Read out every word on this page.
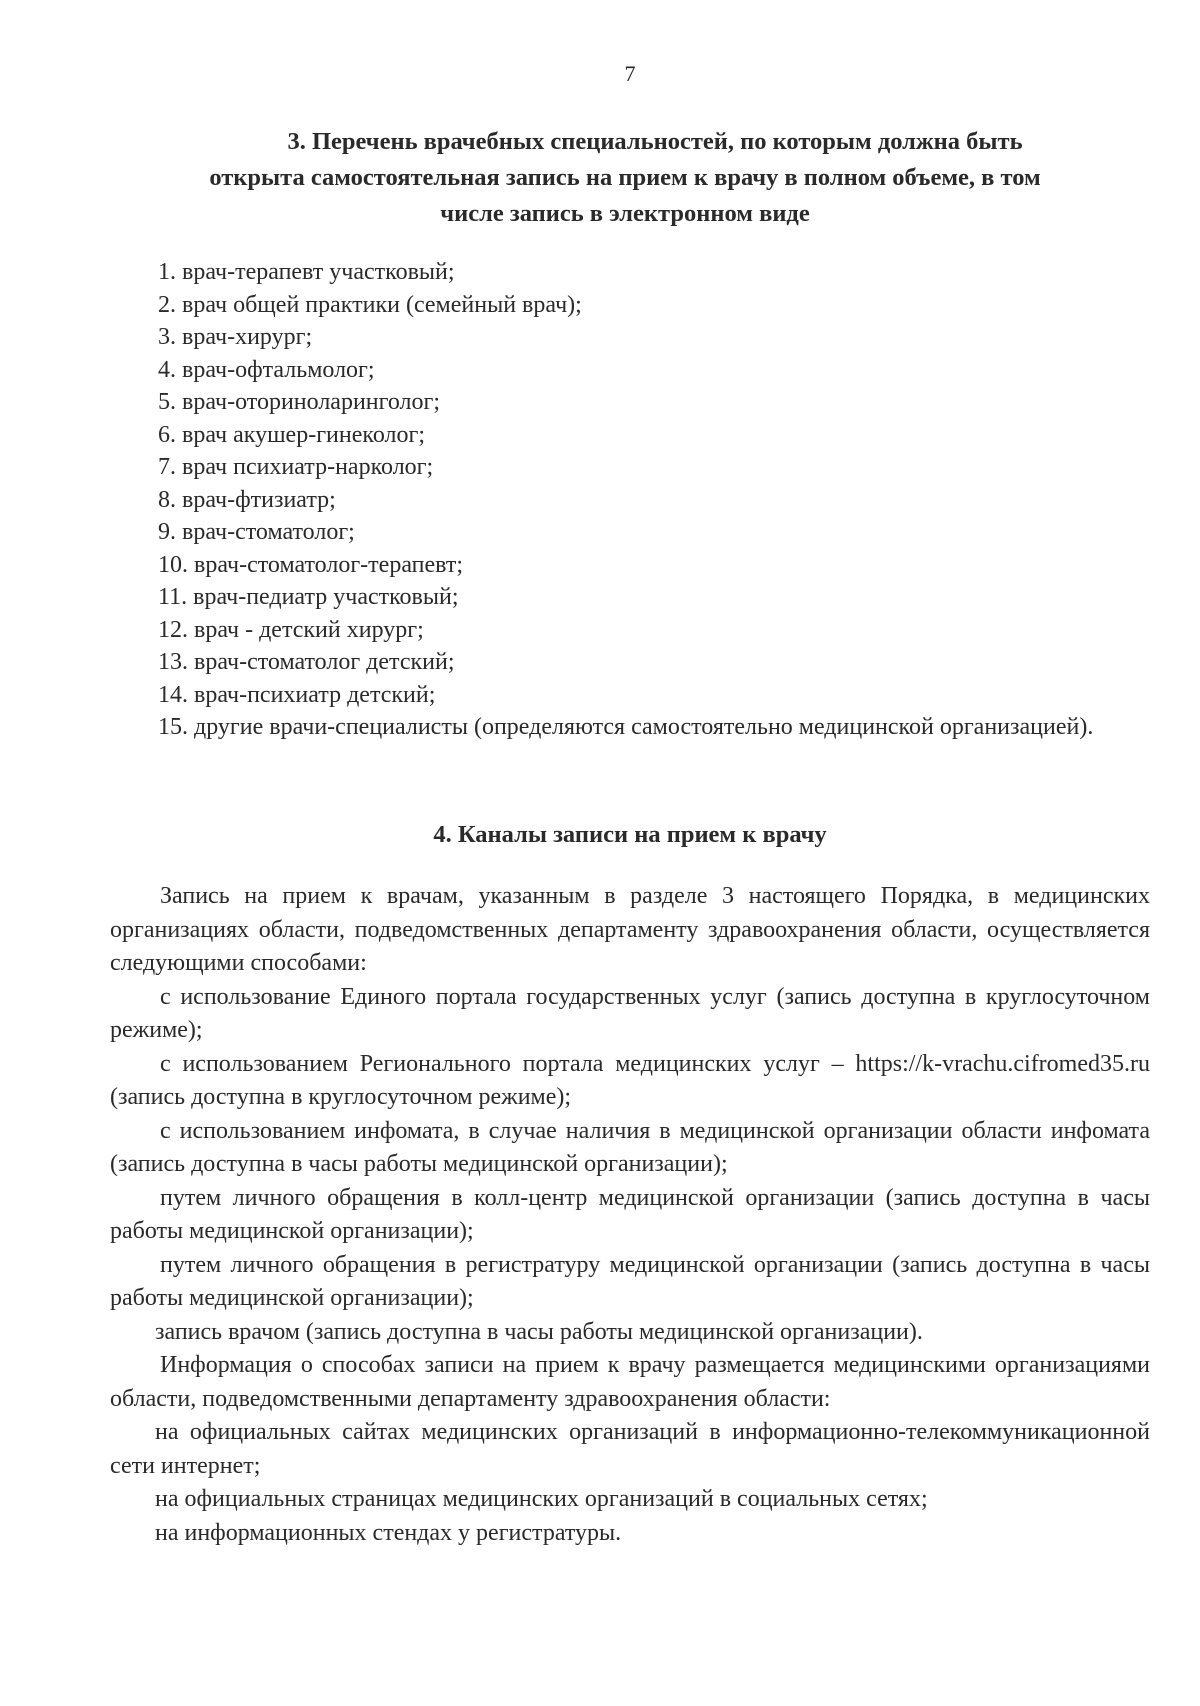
7
3. Перечень врачебных специальностей, по которым должна быть
открыта самостоятельная запись на прием к врачу в полном объеме, в том
числе запись в электронном виде
1. врач-терапевт участковый;
2. врач общей практики (семейный врач);
3. врач-хирург;
4. врач-офтальмолог;
5. врач-оториноларинголог;
6. врач акушер-гинеколог;
7. врач психиатр-нарколог;
8. врач-фтизиатр;
9. врач-стоматолог;
10. врач-стоматолог-терапевт;
11. врач-педиатр участковый;
12. врач - детский хирург;
13. врач-стоматолог детский;
14. врач-психиатр детский;
15. другие врачи-специалисты (определяются самостоятельно медицинской организацией).
4. Каналы записи на прием к врачу

Запись на прием к врачам, указанным в разделе 3 настоящего Порядка, в медицинских организациях области, подведомственных департаменту здравоохранения области, осуществляется следующими способами:

с использование Единого портала государственных услуг (запись доступна в круглосуточном режиме);

с использованием Регионального портала медицинских услуг – https://k-vrachu.cifromed35.ru (запись доступна в круглосуточном режиме);

с использованием инфомата, в случае наличия в медицинской организации области инфомата (запись доступна в часы работы медицинской организации);

путем личного обращения в колл-центр медицинской организации (запись доступна в часы работы медицинской организации);

путем личного обращения в регистратуру медицинской организации (запись доступна в часы работы медицинской организации);

запись врачом (запись доступна в часы работы медицинской организации).

Информация о способах записи на прием к врачу размещается медицинскими организациями области, подведомственными департаменту здравоохранения области:

на официальных сайтах медицинских организаций в информационно-телекоммуникационной сети интернет;

на официальных страницах медицинских организаций в социальных сетях;

на информационных стендах у регистратуры.
